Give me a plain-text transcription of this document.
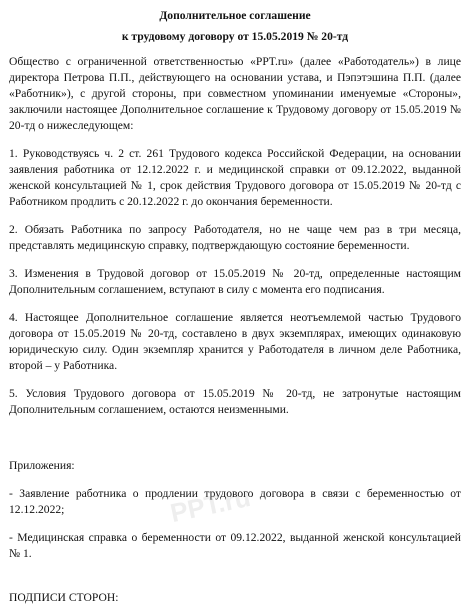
Дополнительное соглашение

к трудовому договору от 15.05.2019 № 20-тд

Общество с ограниченной ответственностью «PPT.ru» (далее «Работодатель») в лице директора Петрова П.П., действующего на основании устава, и Пэпэтэшина П.П. (далее «Работник»), с другой стороны, при совместном упоминании именуемые «Стороны», заключили настоящее Дополнительное соглашение к Трудовому договору от 15.05.2019 № 20-тд о нижеследующем:

1. Руководствуясь ч. 2 ст. 261 Трудового кодекса Российской Федерации, на основании заявления работника от 12.12.2022 г. и медицинской справки от 09.12.2022, выданной женской консультацией № 1, срок действия Трудового договора от 15.05.2019 № 20-тд с Работником продлить с 20.12.2022 г. до окончания беременности.

2. Обязать Работника по запросу Работодателя, но не чаще чем раз в три месяца, представлять медицинскую справку, подтверждающую состояние беременности.

3. Изменения в Трудовой договор от 15.05.2019 № 20-тд, определенные настоящим Дополнительным соглашением, вступают в силу с момента его подписания.

4. Настоящее Дополнительное соглашение является неотъемлемой частью Трудового договора от 15.05.2019 № 20-тд, составлено в двух экземплярах, имеющих одинаковую юридическую силу. Один экземпляр хранится у Работодателя в личном деле Работника, второй – у Работника.

5. Условия Трудового договора от 15.05.2019 № 20-тд, не затронутые настоящим Дополнительным соглашением, остаются неизменными.

Приложения:

- Заявление работника о продлении трудового договора в связи с беременностью от 12.12.2022;

- Медицинская справка о беременности от 09.12.2022, выданной женской консультацией № 1.

ПОДПИСИ СТОРОН:

PPT.ru
